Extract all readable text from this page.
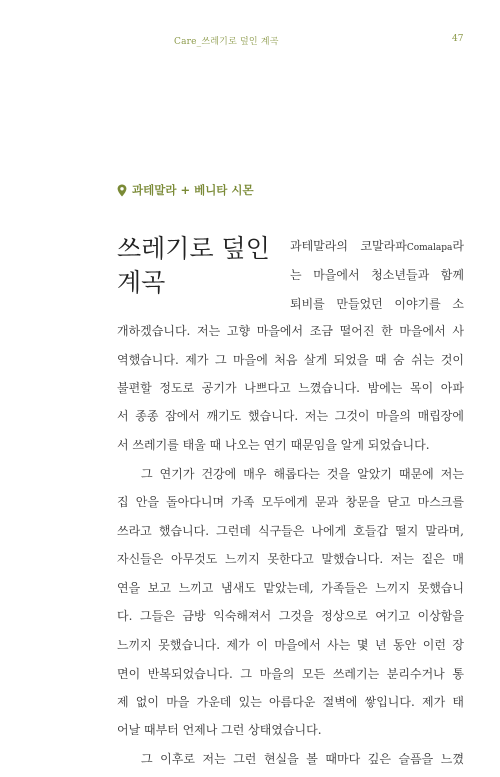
Care_쓰레기로 덮인 계곡	47
과테말라 + 베니타 시몬
쓰레기로 덮인 계곡
과테말라의 코말라파Comalapa라
는 마을에서 청소년들과 함께
퇴비를 만들었던 이야기를 소
개하겠습니다. 저는 고향 마을에서 조금 떨어진 한 마을에서 사
역했습니다. 제가 그 마을에 처음 살게 되었을 때 숨 쉬는 것이
불편할 정도로 공기가 나쁘다고 느꼈습니다. 밤에는 목이 아파
서 종종 잠에서 깨기도 했습니다. 저는 그것이 마을의 매립장에
서 쓰레기를 태울 때 나오는 연기 때문임을 알게 되었습니다.
그 연기가 건강에 매우 해롭다는 것을 알았기 때문에 저는
집 안을 돌아다니며 가족 모두에게 문과 창문을 닫고 마스크를
쓰라고 했습니다. 그런데 식구들은 나에게 호들갑 떨지 말라며,
자신들은 아무것도 느끼지 못한다고 말했습니다. 저는 짙은 매
연을 보고 느끼고 냄새도 맡았는데, 가족들은 느끼지 못했습니
다. 그들은 금방 익숙해져서 그것을 정상으로 여기고 이상함을
느끼지 못했습니다. 제가 이 마을에서 사는 몇 년 동안 이런 장
면이 반복되었습니다. 그 마을의 모든 쓰레기는 분리수거나 통
제 없이 마을 가운데 있는 아름다운 절벽에 쌓입니다. 제가 태
어날 때부터 언제나 그런 상태였습니다.
그 이후로 저는 그런 현실을 볼 때마다 깊은 슬픔을 느꼈
